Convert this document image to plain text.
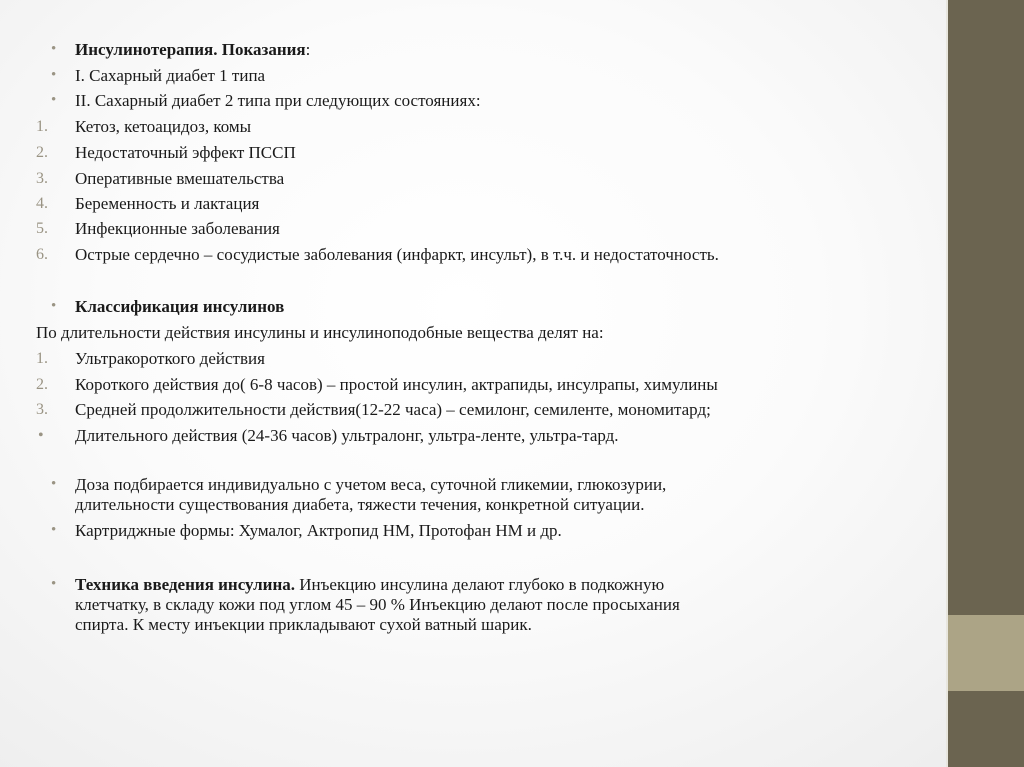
• Инсулинотерапия. Показания:
• I. Сахарный диабет 1 типа
• II. Сахарный диабет 2 типа при следующих состояниях:
1. Кетоз, кетоацидоз, комы
2. Недостаточный эффект ПССП
3. Оперативные вмешательства
4. Беременность и лактация
5. Инфекционные заболевания
6. Острые сердечно – сосудистые заболевания (инфаркт, инсульт), в т.ч. и недостаточность.
• Классификация инсулинов
По длительности действия инсулины и инсулиноподобные вещества делят на:
1. Ультракороткого действия
2. Короткого действия до( 6-8 часов) – простой инсулин, актрапиды, инсулрапы, химулины
3. Средней продолжительности действия(12-22 часа) – семилонг, семиленте, мономитард;
• Длительного действия (24-36 часов) ультралонг, ультра-ленте, ультра-тард.
• Доза подбирается индивидуально с учетом веса, суточной гликемии, глюкозурии,
длительности существования диабета, тяжести течения, конкретной ситуации.
• Картриджные формы: Хумалог, Актропид НМ, Протофан НМ и др.
• Техника введения инсулина. Инъекцию инсулина делают глубоко в подкожную
клетчатку, в складу кожи под углом 45 – 90 % Инъекцию делают после просыхания
спирта. К месту инъекции прикладывают сухой ватный шарик.
